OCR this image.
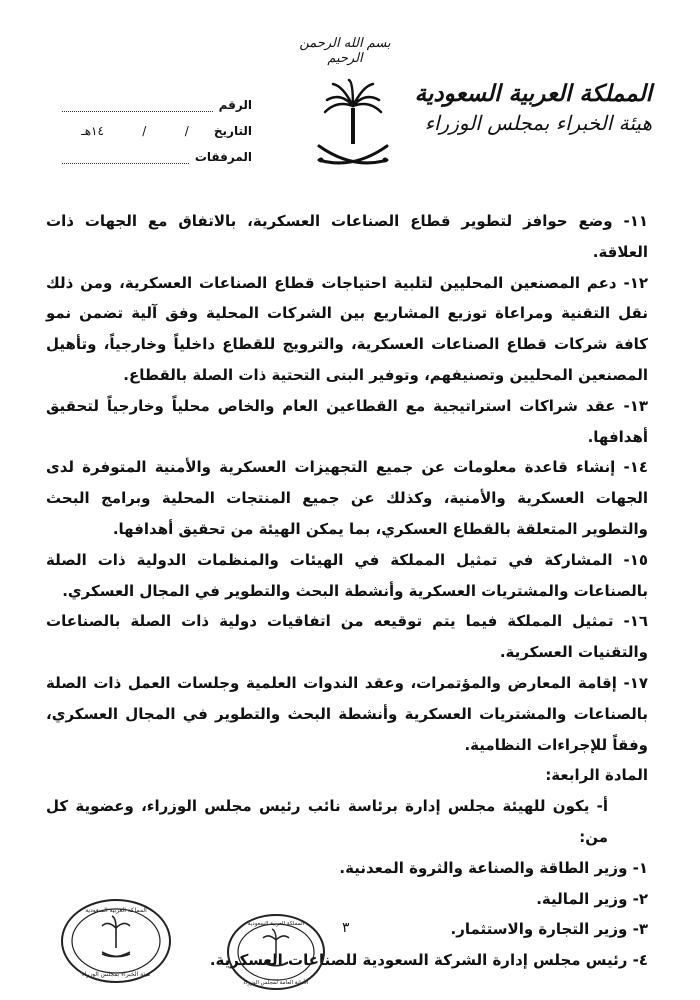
بسم الله الرحمن الرحيم
المملكة العربية السعودية
هيئة الخبراء بمجلس الوزراء
الرقم
التاريخ
/
/
١٤هـ
المرفقات

١١- وضع حوافز لتطوير قطاع الصناعات العسكرية، بالاتفاق مع الجهات ذات العلاقة.

١٢- دعم المصنعين المحليين لتلبية احتياجات قطاع الصناعات العسكرية، ومن ذلك نقل التقنية ومراعاة توزيع المشاريع بين الشركات المحلية وفق آلية تضمن نمو كافة شركات قطاع الصناعات العسكرية، والترويج للقطاع داخلياً وخارجياً، وتأهيل المصنعين المحليين وتصنيفهم، وتوفير البنى التحتية ذات الصلة بالقطاع.

١٣- عقد شراكات استراتيجية مع القطاعين العام والخاص محلياً وخارجياً لتحقيق أهدافها.

١٤- إنشاء قاعدة معلومات عن جميع التجهيزات العسكرية والأمنية المتوفرة لدى الجهات العسكرية والأمنية، وكذلك عن جميع المنتجات المحلية وبرامج البحث والتطوير المتعلقة بالقطاع العسكري، بما يمكن الهيئة من تحقيق أهدافها.

١٥- المشاركة في تمثيل المملكة في الهيئات والمنظمات الدولية ذات الصلة بالصناعات والمشتريات العسكرية وأنشطة البحث والتطوير في المجال العسكري.

١٦- تمثيل المملكة فيما يتم توقيعه من اتفاقيات دولية ذات الصلة بالصناعات والتقنيات العسكرية.

١٧- إقامة المعارض والمؤتمرات، وعقد الندوات العلمية وجلسات العمل ذات الصلة بالصناعات والمشتريات العسكرية وأنشطة البحث والتطوير في المجال العسكري، وفقاً للإجراءات النظامية.

المادة الرابعة:

أ- يكون للهيئة مجلس إدارة برئاسة نائب رئيس مجلس الوزراء، وعضوية كل من:

١- وزير الطاقة والصناعة والثروة المعدنية.

٢- وزير المالية.

٣- وزير التجارة والاستثمار.

٤- رئيس مجلس إدارة الشركة السعودية للصناعات العسكرية.

٣
المملكة العربية السعودية
هيئة الخبراء بمجلس الوزراء
المملكة العربية السعودية
الأمانة العامة لمجلس الوزراء
